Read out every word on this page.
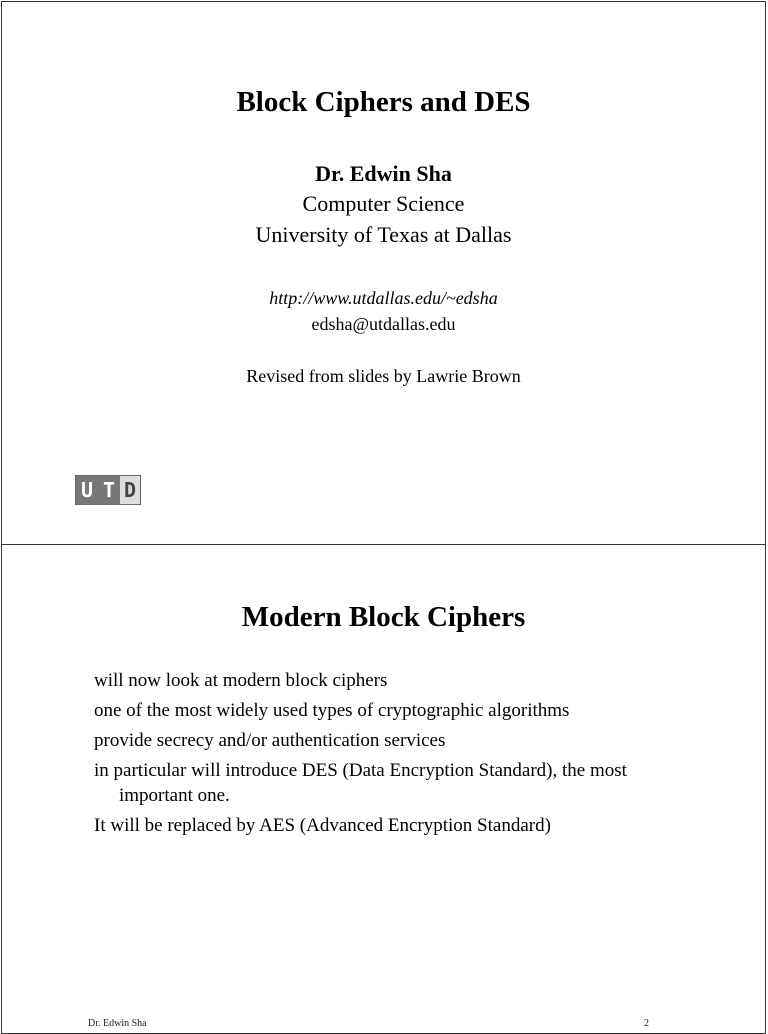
Block Ciphers and DES
Dr. Edwin Sha
Computer Science
University of Texas at Dallas
http://www.utdallas.edu/~edsha
edsha@utdallas.edu
Revised from slides by Lawrie Brown
U T D
Modern Block Ciphers
will now look at modern block ciphers
one of the most widely used types of cryptographic algorithms
provide secrecy and/or authentication services
in particular will introduce DES (Data Encryption Standard), the most important one.
It will be replaced by AES (Advanced Encryption Standard)
Dr. Edwin Sha	2
